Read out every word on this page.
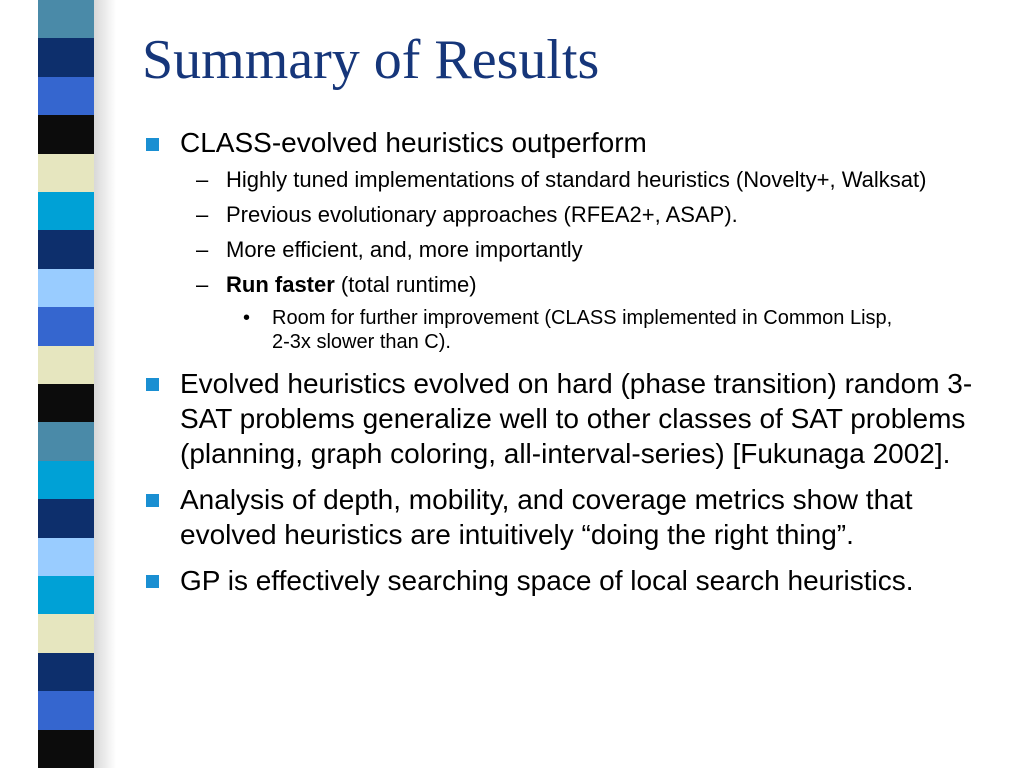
Summary of Results
CLASS-evolved heuristics outperform
– Highly tuned implementations of standard heuristics (Novelty+, Walksat)
– Previous evolutionary approaches (RFEA2+, ASAP).
– More efficient, and, more importantly
– Run faster (total runtime)
• Room for further improvement (CLASS implemented in Common Lisp, 2-3x slower than C).
Evolved heuristics evolved on hard (phase transition) random 3-SAT problems generalize well to other classes of SAT problems (planning, graph coloring, all-interval-series) [Fukunaga 2002].
Analysis of depth, mobility, and coverage metrics show that evolved heuristics are intuitively “doing the right thing”.
GP is effectively searching space of local search heuristics.
